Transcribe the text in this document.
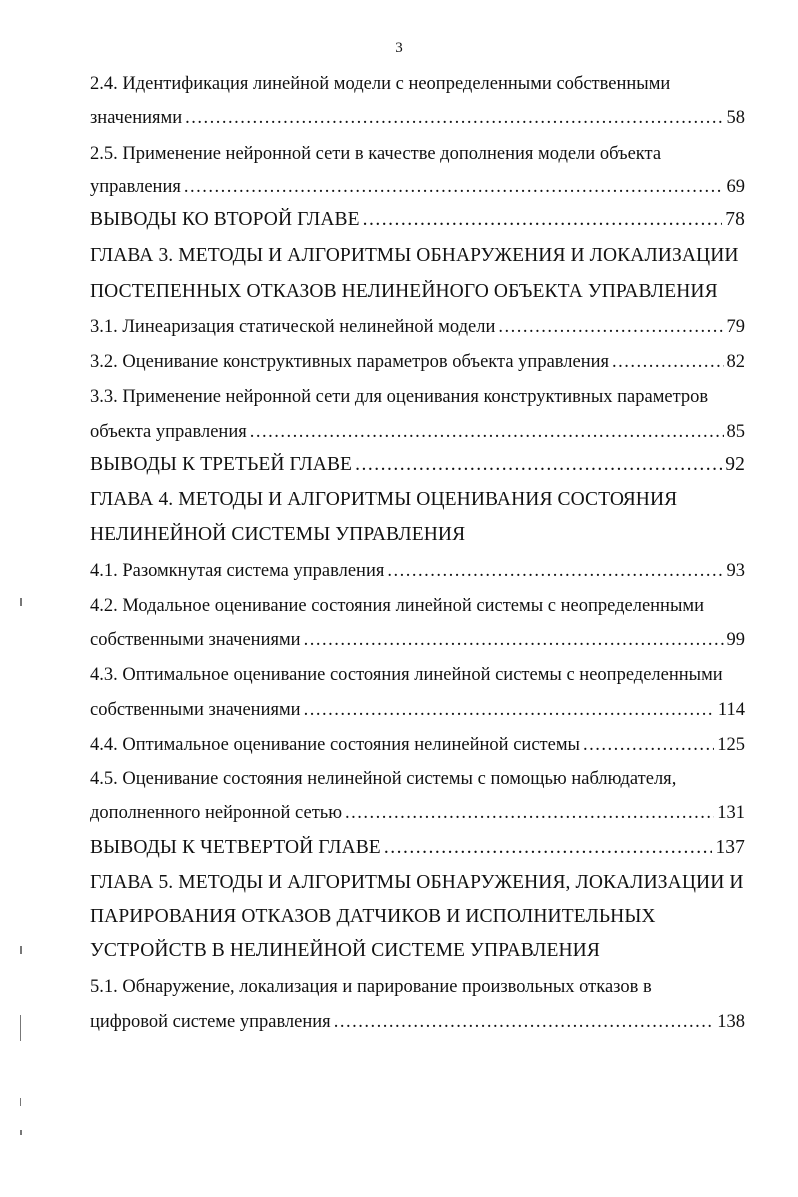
3
2.4. Идентификация линейной модели с неопределенными собственными
значениями .....	58
2.5. Применение нейронной сети в качестве дополнения модели объекта
управления .....	69
ВЫВОДЫ КО ВТОРОЙ ГЛАВЕ .....	78
ГЛАВА 3. МЕТОДЫ И АЛГОРИТМЫ ОБНАРУЖЕНИЯ И ЛОКАЛИЗАЦИИ
ПОСТЕПЕННЫХ ОТКАЗОВ НЕЛИНЕЙНОГО ОБЪЕКТА УПРАВЛЕНИЯ
3.1. Линеаризация статической нелинейной модели .....	79
3.2. Оценивание конструктивных параметров объекта управления .....	82
3.3. Применение нейронной сети для оценивания конструктивных параметров
объекта управления .....	85
ВЫВОДЫ К ТРЕТЬЕЙ ГЛАВЕ .....	92
ГЛАВА 4. МЕТОДЫ И АЛГОРИТМЫ ОЦЕНИВАНИЯ СОСТОЯНИЯ
НЕЛИНЕЙНОЙ СИСТЕМЫ УПРАВЛЕНИЯ
4.1. Разомкнутая система управления .....	93
4.2. Модальное оценивание состояния линейной системы с неопределенными
собственными значениями .....	99
4.3. Оптимальное оценивание состояния линейной системы с неопределенными
собственными значениями .....	114
4.4. Оптимальное оценивание состояния нелинейной системы .....	125
4.5. Оценивание состояния нелинейной системы с помощью наблюдателя,
дополненного нейронной сетью .....	131
ВЫВОДЫ К ЧЕТВЕРТОЙ ГЛАВЕ .....	137
ГЛАВА 5. МЕТОДЫ И АЛГОРИТМЫ ОБНАРУЖЕНИЯ, ЛОКАЛИЗАЦИИ И
ПАРИРОВАНИЯ ОТКАЗОВ ДАТЧИКОВ И ИСПОЛНИТЕЛЬНЫХ
УСТРОЙСТВ В НЕЛИНЕЙНОЙ СИСТЕМЕ УПРАВЛЕНИЯ
5.1. Обнаружение, локализация и парирование произвольных отказов в
цифровой системе управления .....	138
